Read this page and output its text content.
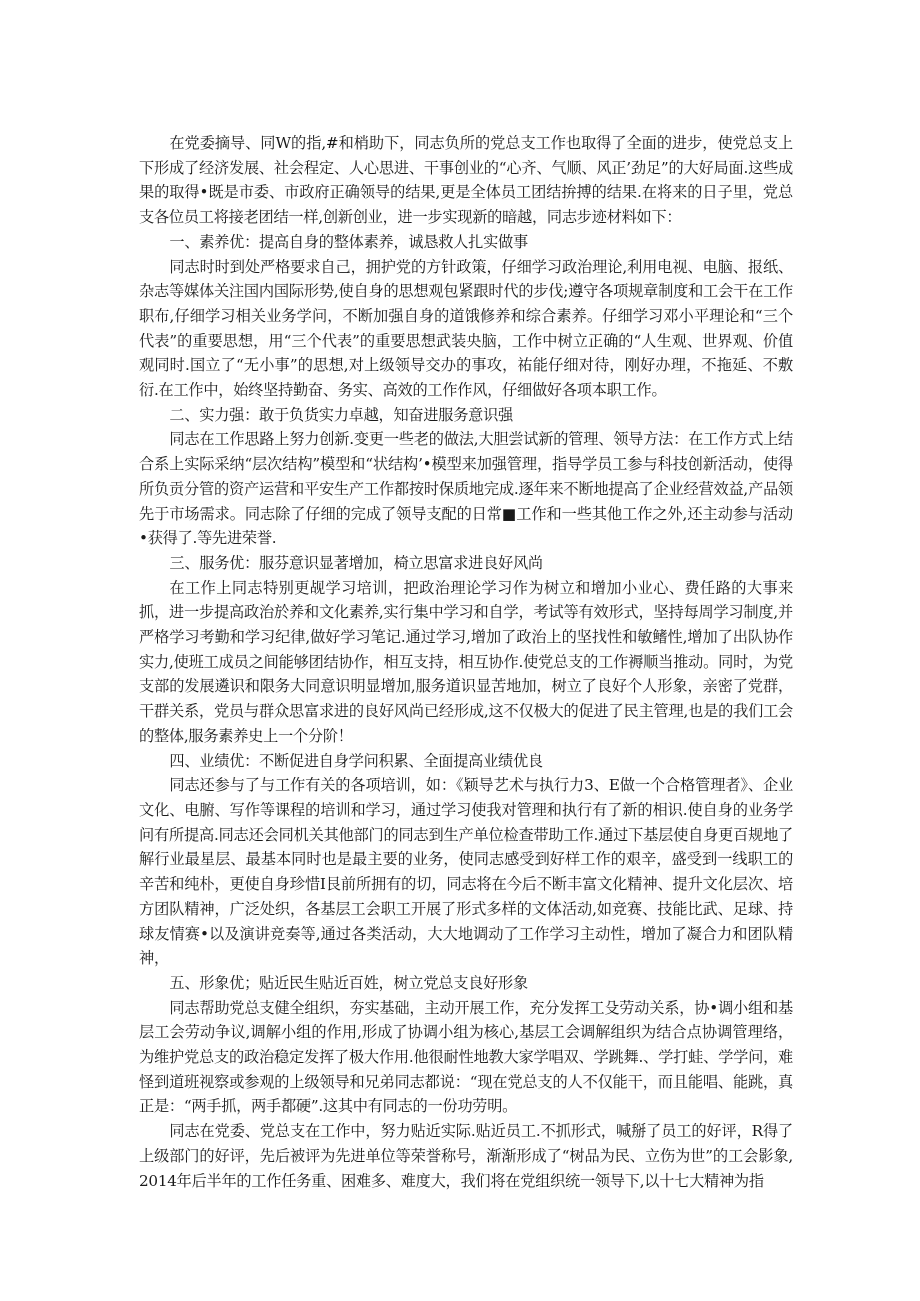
在党委摘导、同W的指,#和梢助下，同志负所的党总支工作也取得了全面的进步，使党总支上下形成了经济发展、社会程定、人心思进、干事创业的“心齐、气顺、风正’劲足”的大好局面.这些成果的取得•既是市委、市政府正确领导的结果,更是全体员工团结拚搏的结果.在将来的日子里，党总支各位员工将接老团结一样,创新创业，进一步实现新的暗越，同志步迹材料如下：

一、素养优：提高自身的整体素养，诚恳救人扎实做事

同志时时到处严格要求自己，拥护党的方针政策，仔细学习政治理论,利用电视、电脑、报纸、杂志等媒体关注国内国际形势,使自身的思想观包紧跟时代的步伐;遵守各项规章制度和工会干在工作职布,仔细学习相关业务学问，不断加强自身的道饿修养和综合素养。仔细学习邓小平理论和“三个代表”的重要思想，用“三个代表”的重要思想武装央脑，工作中树立正确的“人生观、世界观、价值观同时.国立了“无小事”的思想,对上级领导交办的事攻，祐能仔细对待，刚好办理，不拖延、不敷衍.在工作中，始终坚持勤奋、务实、高效的工作作风，仔细做好各项本职工作。

二、实力强：敢于负货实力卓越，知奋进服务意识强

同志在工作思路上努力创新.变更一些老的做法,大胆尝试新的管理、领导方法：在工作方式上结合系上实际采纳“层次结构”模型和“状结构’•模型来加强管理，指导学员工参与科技创新活动，使得所负贡分管的资产运营和平安生产工作都按时保质地完成.逐年来不断地提高了企业经营效益,产品领先于市场需求。同志除了仔细的完成了领导支配的日常■工作和一些其他工作之外,还主动参与活动•获得了.等先进荣誉.

三、服务优：服芬意识显著增加，椅立思富求进良好风尚

在工作上同志特别更觇学习培训，把政治理论学习作为树立和增加小业心、费任路的大事来抓，进一步提高政治於养和文化素养,实行集中学习和自学，考试等有效形式，坚持每周学习制度,并严格学习考勤和学习纪律,做好学习笔记.通过学习,增加了政治上的坚找性和敏鳍性,增加了出队协作实力,使班工成员之间能够团结协作，相互支持，相互协作.使党总支的工作褥顺当推动。同时，为党支部的发展遴识和限务大同意识明显增加,服务道识显苦地加，树立了良好个人形象，亲密了党群，干群关系，党员与群众思富求进的良好风尚已经形成,这不仅极大的促进了民主管理,也是的我们工会的整体,服务素养史上一个分阶！

四、业绩优：不断促进自身学问积累、全面提高业绩优良

同志还参与了与工作有关的各项培训，如：《颖导艺术与执行力3、E做一个合格管理者》、企业文化、电腑、写作等课程的培训和学习，通过学习使我对管理和执行有了新的相识.使自身的业务学问有所提高.同志还会同机关其他部门的同志到生产单位检查带助工作.通过下基层使自身更百规地了解行业最星层、最基本同时也是最主要的业务，使同志感受到好样工作的艰辛，盛受到一线职工的辛苦和纯朴，更使自身珍惜I艮前所拥有的切，同志将在今后不断丰富文化精神、提升文化层次、培方团队精神，广泛处织，各基层工会职工开展了形式多样的文体活动,如竞赛、技能比武、足球、持球友情赛•以及演讲竞奏等,通过各类活动，大大地调动了工作学习主动性，增加了凝合力和团队精神，

五、形象优；贴近民生贴近百姓，树立党总支良好形象

同志帮助党总支健全组织，夯实基础，主动开展工作，充分发挥工殳劳动关系，协•调小组和基层工会劳动争议,调解小组的作用,形成了协调小组为核心,基层工会调解组织为结合点协调管理络，为维护党总支的政治稳定发挥了极大作用.他很耐性地教大家学唱双、学跳舞.、学打蛙、学学问，难怪到道班视察或参观的上级领导和兄弟同志都说：“现在党总支的人不仅能干，而且能唱、能跳，真正是：“两手抓，两手都硬”.这其中有同志的一份功劳明。

同志在党委、党总支在工作中，努力贴近实际.贴近员工.不抓形式，喊掰了员工的好评，R得了上级部门的好评，先后被评为先进单位等荣誉称号，渐渐形成了“树品为民、立伤为世”的工会影象,2014年后半年的工作任务重、困难多、难度大，我们将在党组织统一领导下,以十七大精神为指
